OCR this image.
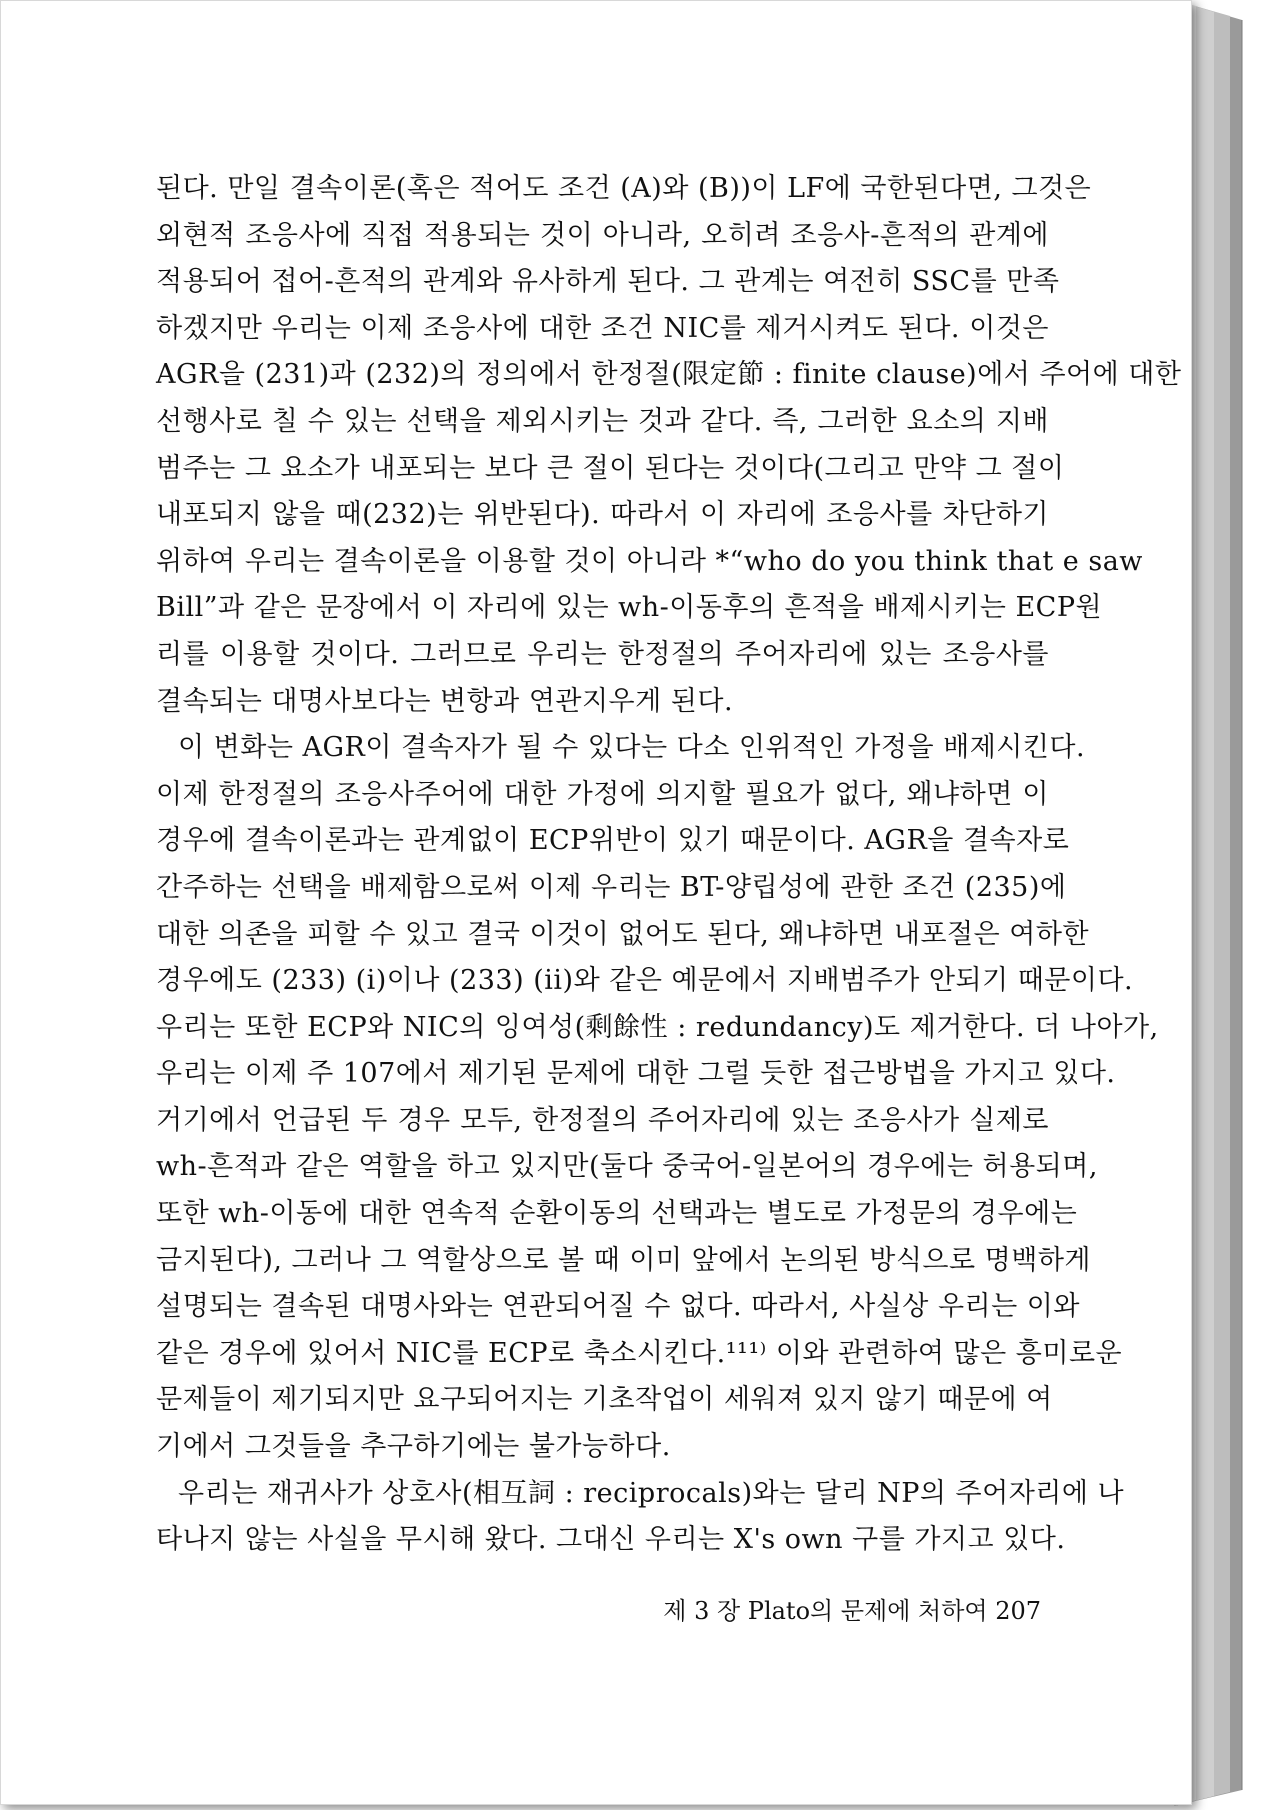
된다. 만일 결속이론(혹은 적어도 조건 (A)와 (B))이 LF에 국한된다면, 그것은
외현적 조응사에 직접 적용되는 것이 아니라, 오히려 조응사-흔적의 관계에
적용되어 접어-흔적의 관계와 유사하게 된다. 그 관계는 여전히 SSC를 만족
하겠지만 우리는 이제 조응사에 대한 조건 NIC를 제거시켜도 된다. 이것은
AGR을 (231)과 (232)의 정의에서 한정절(限定節 : finite clause)에서 주어에 대한
선행사로 칠 수 있는 선택을 제외시키는 것과 같다. 즉, 그러한 요소의 지배
범주는 그 요소가 내포되는 보다 큰 절이 된다는 것이다(그리고 만약 그 절이
내포되지 않을 때(232)는 위반된다). 따라서 이 자리에 조응사를 차단하기
위하여 우리는 결속이론을 이용할 것이 아니라 *“who do you think that e saw
Bill”과 같은 문장에서 이 자리에 있는 wh-이동후의 흔적을 배제시키는 ECP원
리를 이용할 것이다. 그러므로 우리는 한정절의 주어자리에 있는 조응사를
결속되는 대명사보다는 변항과 연관지우게 된다.
이 변화는 AGR이 결속자가 될 수 있다는 다소 인위적인 가정을 배제시킨다.
이제 한정절의 조응사주어에 대한 가정에 의지할 필요가 없다, 왜냐하면 이
경우에 결속이론과는 관계없이 ECP위반이 있기 때문이다. AGR을 결속자로
간주하는 선택을 배제함으로써 이제 우리는 BT-양립성에 관한 조건 (235)에
대한 의존을 피할 수 있고 결국 이것이 없어도 된다, 왜냐하면 내포절은 여하한
경우에도 (233) (i)이나 (233) (ii)와 같은 예문에서 지배범주가 안되기 때문이다.
우리는 또한 ECP와 NIC의 잉여성(剩餘性 : redundancy)도 제거한다. 더 나아가,
우리는 이제 주 107에서 제기된 문제에 대한 그럴 듯한 접근방법을 가지고 있다.
거기에서 언급된 두 경우 모두, 한정절의 주어자리에 있는 조응사가 실제로
wh-흔적과 같은 역할을 하고 있지만(둘다 중국어-일본어의 경우에는 허용되며,
또한 wh-이동에 대한 연속적 순환이동의 선택과는 별도로 가정문의 경우에는
금지된다), 그러나 그 역할상으로 볼 때 이미 앞에서 논의된 방식으로 명백하게
설명되는 결속된 대명사와는 연관되어질 수 없다. 따라서, 사실상 우리는 이와
같은 경우에 있어서 NIC를 ECP로 축소시킨다.¹¹¹⁾ 이와 관련하여 많은 흥미로운
문제들이 제기되지만 요구되어지는 기초작업이 세워져 있지 않기 때문에 여
기에서 그것들을 추구하기에는 불가능하다.
우리는 재귀사가 상호사(相互詞 : reciprocals)와는 달리 NP의 주어자리에 나
타나지 않는 사실을 무시해 왔다. 그대신 우리는 X's own 구를 가지고 있다.
제 3 장 Plato의 문제에 처하여 207
